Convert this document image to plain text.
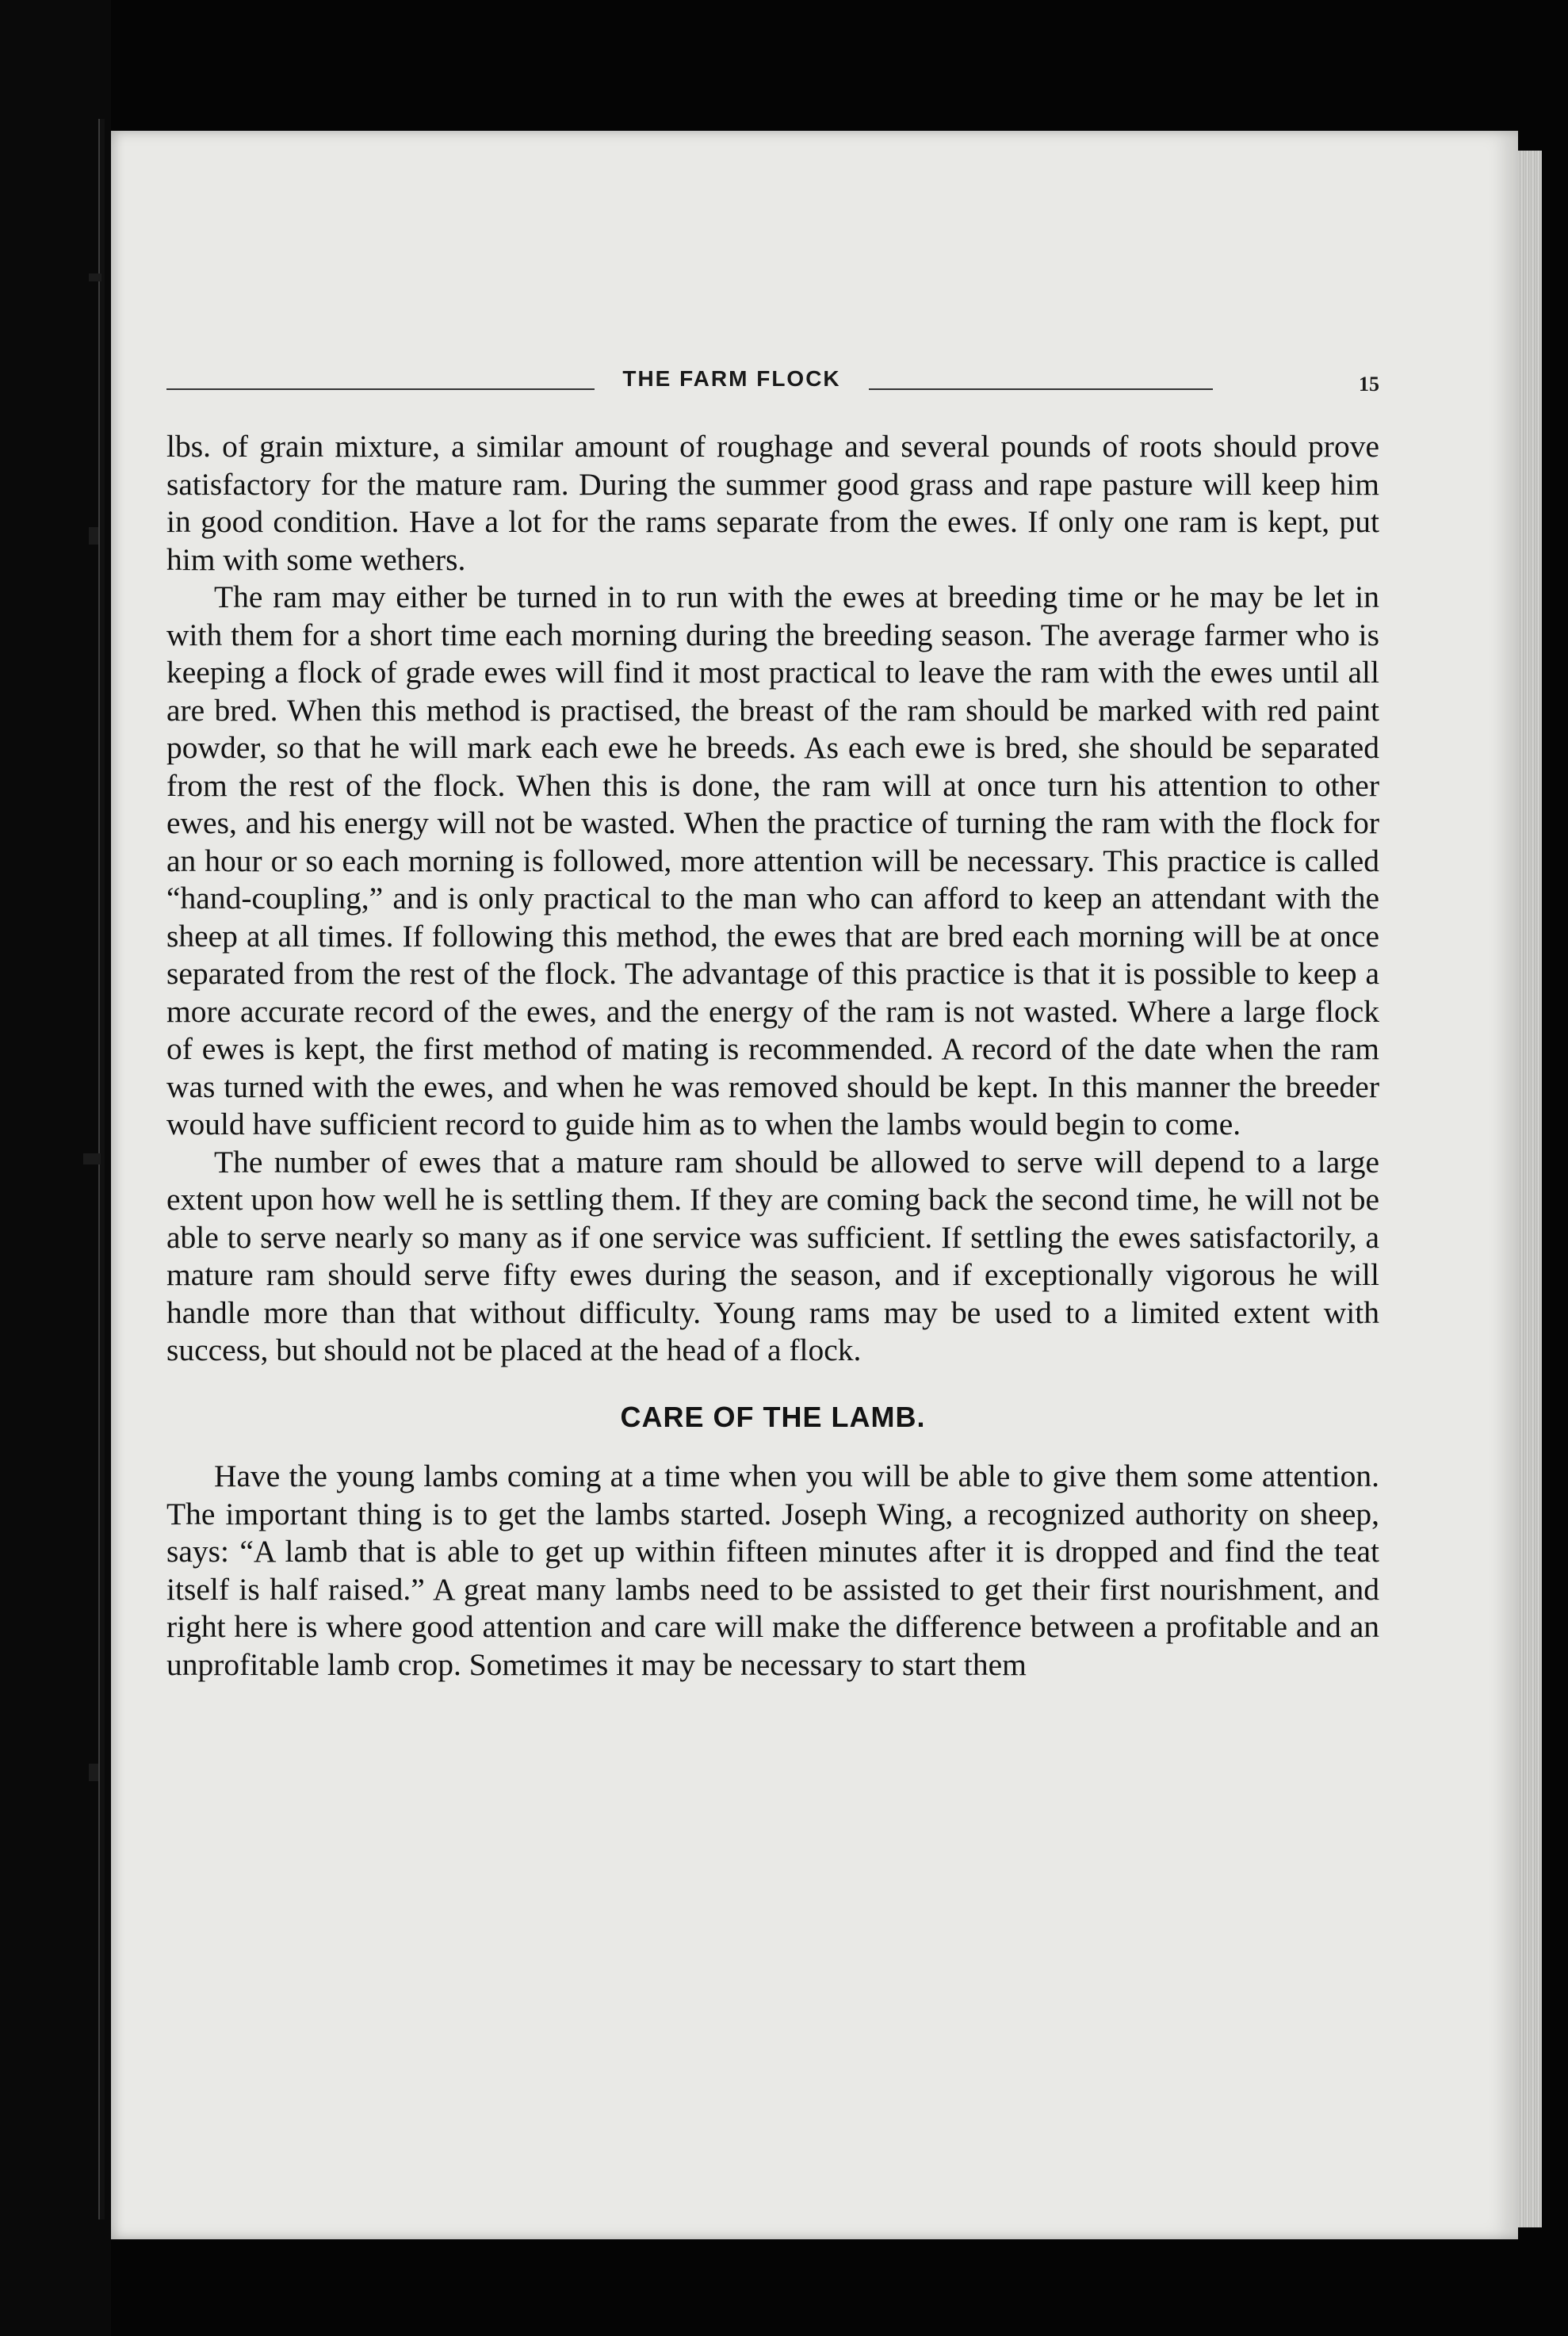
THE FARM FLOCK	15

lbs. of grain mixture, a similar amount of roughage and several pounds of roots should prove satisfactory for the mature ram. During the summer good grass and rape pasture will keep him in good condition. Have a lot for the rams separate from the ewes. If only one ram is kept, put him with some wethers.

The ram may either be turned in to run with the ewes at breeding time or he may be let in with them for a short time each morning during the breeding season. The average farmer who is keeping a flock of grade ewes will find it most practical to leave the ram with the ewes until all are bred. When this method is practised, the breast of the ram should be marked with red paint powder, so that he will mark each ewe he breeds. As each ewe is bred, she should be separated from the rest of the flock. When this is done, the ram will at once turn his attention to other ewes, and his energy will not be wasted. When the practice of turning the ram with the flock for an hour or so each morning is followed, more attention will be necessary. This practice is called “hand-coupling,” and is only practical to the man who can afford to keep an attendant with the sheep at all times. If following this method, the ewes that are bred each morning will be at once separated from the rest of the flock. The advantage of this practice is that it is possible to keep a more accurate record of the ewes, and the energy of the ram is not wasted. Where a large flock of ewes is kept, the first method of mating is recommended. A record of the date when the ram was turned with the ewes, and when he was removed should be kept. In this manner the breeder would have sufficient record to guide him as to when the lambs would begin to come.

The number of ewes that a mature ram should be allowed to serve will depend to a large extent upon how well he is settling them. If they are coming back the second time, he will not be able to serve nearly so many as if one service was sufficient. If settling the ewes satisfactorily, a mature ram should serve fifty ewes during the season, and if exceptionally vigorous he will handle more than that without difficulty. Young rams may be used to a limited extent with success, but should not be placed at the head of a flock.

CARE OF THE LAMB.

Have the young lambs coming at a time when you will be able to give them some attention. The important thing is to get the lambs started. Joseph Wing, a recognized authority on sheep, says: “A lamb that is able to get up within fifteen minutes after it is dropped and find the teat itself is half raised.” A great many lambs need to be assisted to get their first nourishment, and right here is where good attention and care will make the difference between a profitable and an unprofitable lamb crop. Sometimes it may be necessary to start them
